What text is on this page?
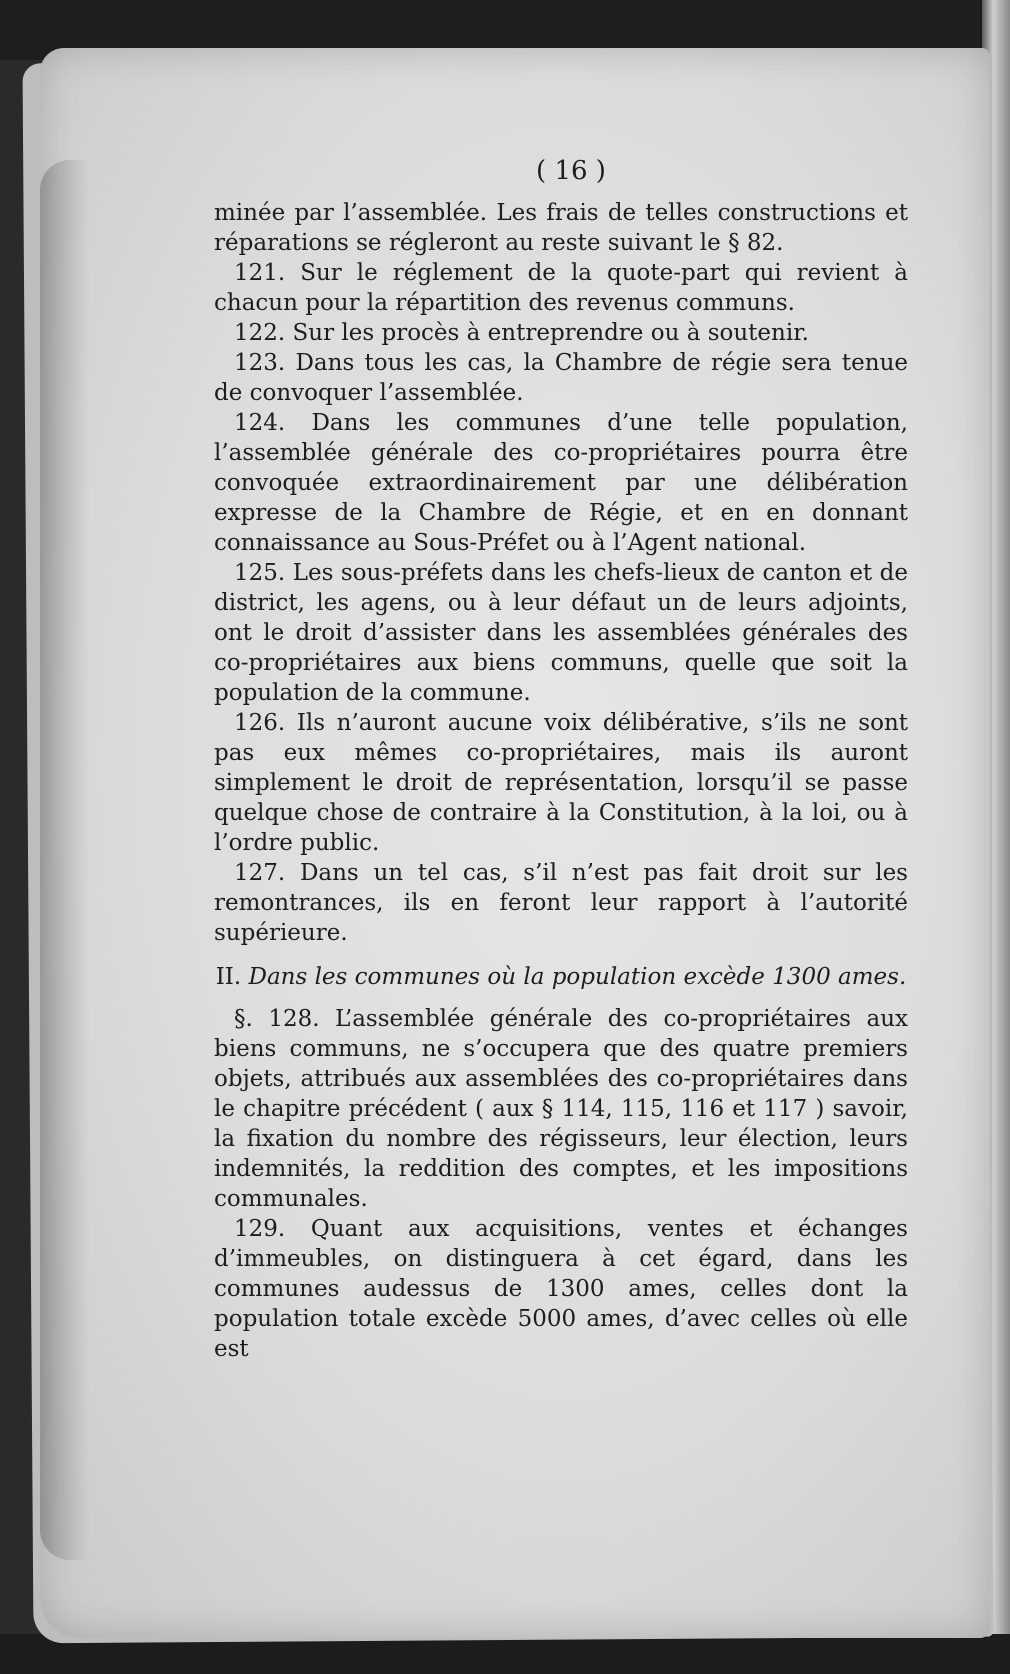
( 16 )

minée par l’assemblée. Les frais de telles constructions et réparations se régleront au reste suivant le § 82.

121. Sur le réglement de la quote-part qui revient à chacun pour la répartition des revenus communs.

122. Sur les procès à entreprendre ou à soutenir.

123. Dans tous les cas, la Chambre de régie sera tenue de convoquer l’assemblée.

124. Dans les communes d’une telle population, l’assemblée générale des co-propriétaires pourra être convoquée extraordinairement par une délibération expresse de la Chambre de Régie, et en en donnant connaissance au Sous-Préfet ou à l’Agent national.

125. Les sous-préfets dans les chefs-lieux de canton et de district, les agens, ou à leur défaut un de leurs adjoints, ont le droit d’assister dans les assemblées générales des co-propriétaires aux biens communs, quelle que soit la population de la commune.

126. Ils n’auront aucune voix délibérative, s’ils ne sont pas eux mêmes co-propriétaires, mais ils auront simplement le droit de représentation, lorsqu’il se passe quelque chose de contraire à la Constitution, à la loi, ou à l’ordre public.

127. Dans un tel cas, s’il n’est pas fait droit sur les remontrances, ils en feront leur rapport à l’autorité supérieure.

II. Dans les communes où la population excède 1300 ames.

§. 128. L’assemblée générale des co-propriétaires aux biens communs, ne s’occupera que des quatre premiers objets, attribués aux assemblées des co-propriétaires dans le chapitre précédent ( aux § 114, 115, 116 et 117 ) savoir, la fixation du nombre des régisseurs, leur élection, leurs indemnités, la reddition des comptes, et les impositions communales.

129. Quant aux acquisitions, ventes et échanges d’immeubles, on distinguera à cet égard, dans les communes audessus de 1300 ames, celles dont la population totale excède 5000 ames, d’avec celles où elle est
